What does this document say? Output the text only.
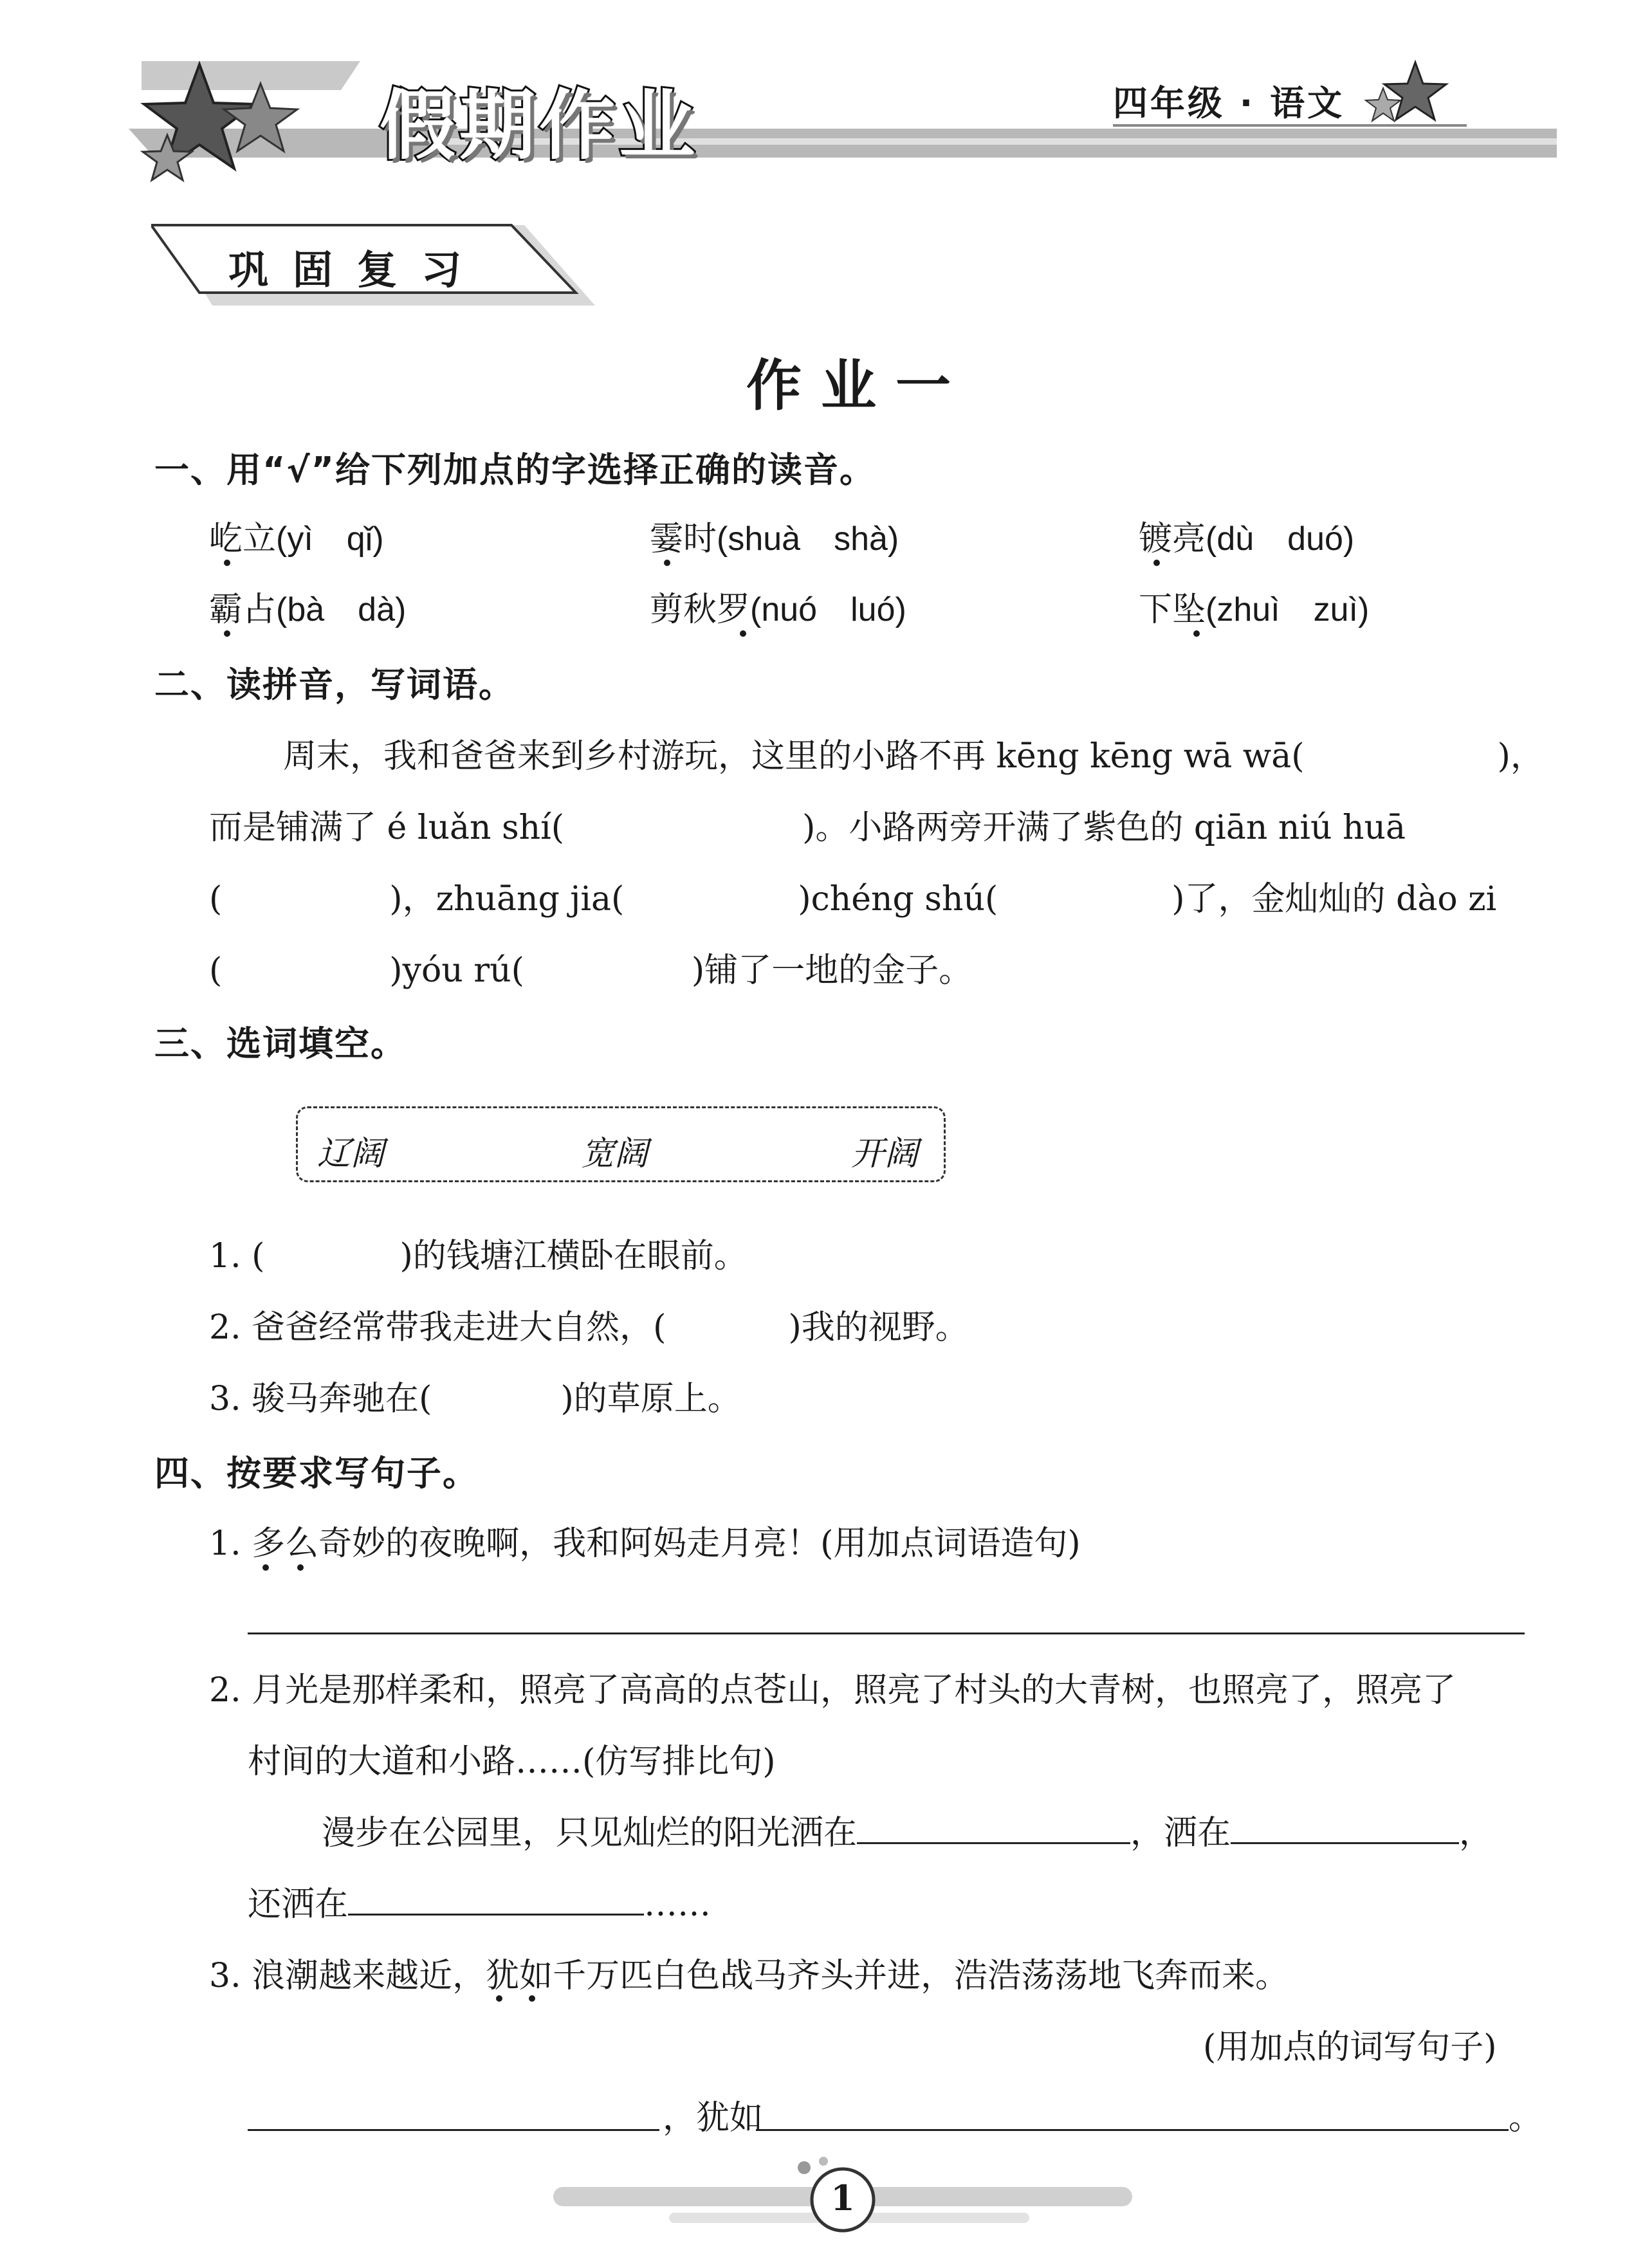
假期作业	四年级 · 语文
巩固复习
作业一
一、用“√”给下列加点的字选择正确的读音。
屹立(yì　qǐ)	霎时(shuà　shà)	镀亮(dù　duó)
霸占(bà　dà)	剪秋罗(nuó　luó)	下坠(zhuì　zuì)
二、读拼音，写词语。
周末，我和爸爸来到乡村游玩，这里的小路不再 kēng kēng wā wā(	)，
而是铺满了 é luǎn shí(	)。小路两旁开满了紫色的 qiān niú huā
(	)，zhuāng jia(	)chéng shú(	)了，金灿灿的 dào zi
(	)yóu rú(	)铺了一地的金子。
三、选词填空。
辽阔	宽阔	开阔
1. (	)的钱塘江横卧在眼前。
2. 爸爸经常带我走进大自然，(	)我的视野。
3. 骏马奔驰在(	)的草原上。
四、按要求写句子。
1. 多么奇妙的夜晚啊，我和阿妈走月亮！(用加点词语造句)
2. 月光是那样柔和，照亮了高高的点苍山，照亮了村头的大青树，也照亮了，照亮了
村间的大道和小路……(仿写排比句)
漫步在公园里，只见灿烂的阳光洒在	，洒在	，
还洒在	……
3. 浪潮越来越近，犹如千万匹白色战马齐头并进，浩浩荡荡地飞奔而来。
(用加点的词写句子)
，犹如	。
1
